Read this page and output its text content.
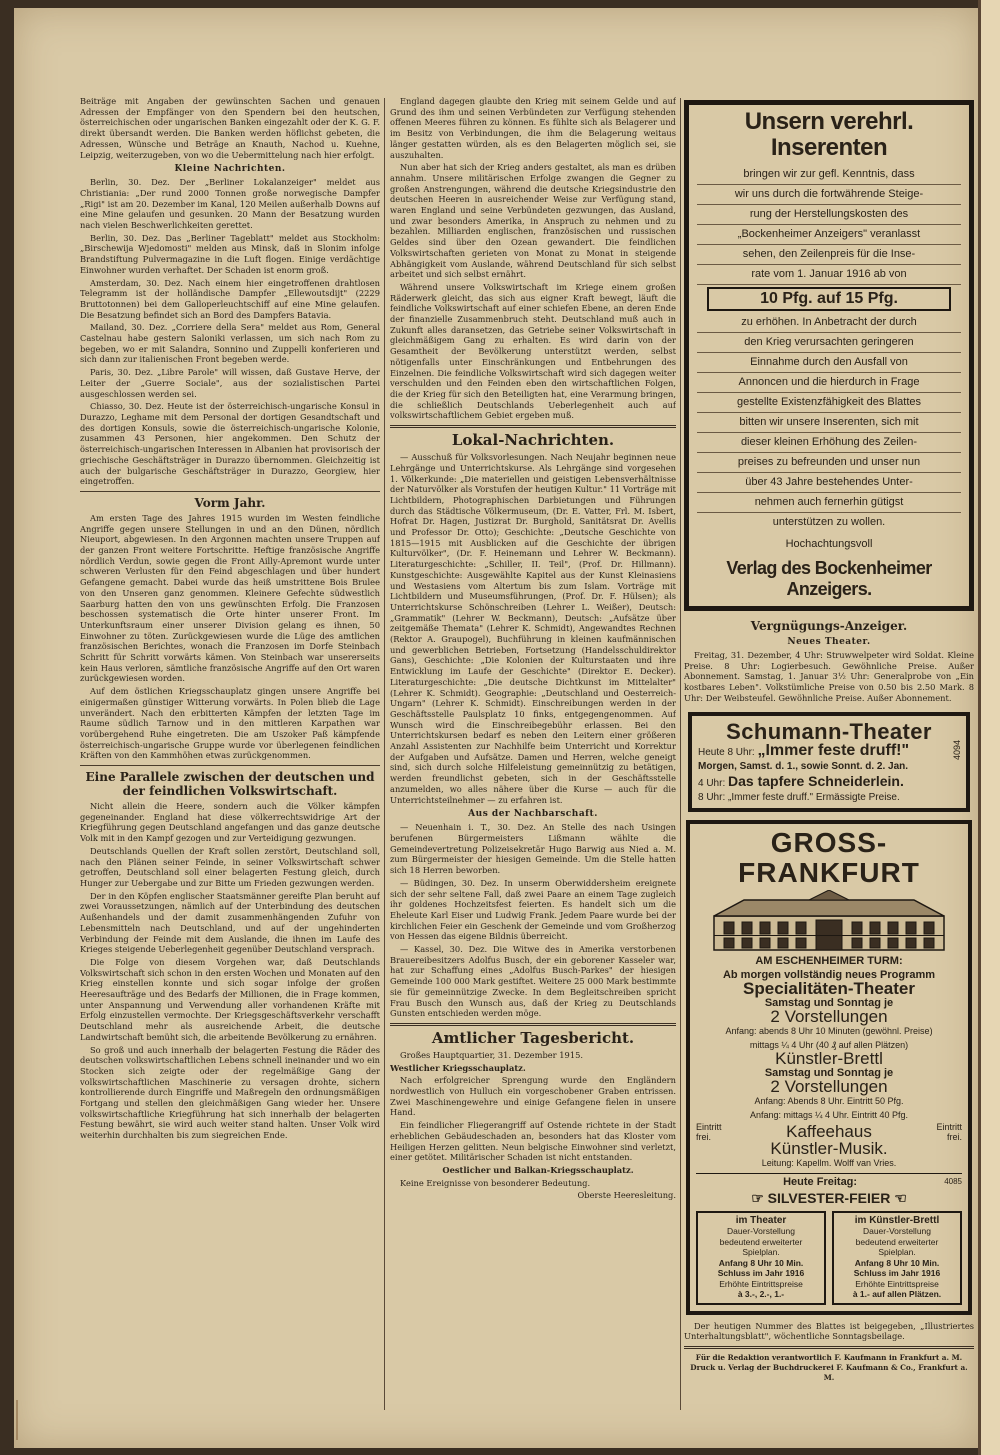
Beiträge mit Angaben der gewünschten Sachen und genauen Adressen der Empfänger von den Spendern bei den heutschen, österreichischen oder ungarischen Banken eingezahlt oder der K. G. F. direkt übersandt werden. Die Banken werden höflichst gebeten, die Adressen, Wünsche und Beträge an Knauth, Nachod u. Kuehne, Leipzig, weiterzugeben, von wo die Uebermittelung nach hier erfolgt.

Kleine Nachrichten.

Berlin, 30. Dez. Der „Berliner Lokalanzeiger" meldet aus Christiania: „Der rund 2000 Tonnen große norwegische Dampfer „Rigi" ist am 20. Dezember im Kanal, 120 Meilen außerhalb Downs auf eine Mine gelaufen und gesunken. 20 Mann der Besatzung wurden nach vielen Beschwerlichkeiten gerettet.

Berlin, 30. Dez. Das „Berliner Tageblatt" meldet aus Stockholm: „Birschewija Wjedomosti" melden aus Minsk, daß in Slonim infolge Brandstiftung Pulvermagazine in die Luft flogen. Einige verdächtige Einwohner wurden verhaftet. Der Schaden ist enorm groß.

Amsterdam, 30. Dez. Nach einem hier eingetroffenen drahtlosen Telegramm ist der holländische Dampfer „Ellewoutsdijt" (2229 Bruttotonnen) bei dem Galloperleuchtschiff auf eine Mine gelaufen. Die Besatzung befindet sich an Bord des Dampfers Batavia.

Mailand, 30. Dez. „Corriere della Sera" meldet aus Rom, General Castelnau habe gestern Saloniki verlassen, um sich nach Rom zu begeben, wo er mit Salandra, Sonnino und Zuppelli konferieren und sich dann zur italienischen Front begeben werde.

Paris, 30. Dez. „Libre Parole" will wissen, daß Gustave Herve, der Leiter der „Guerre Sociale", aus der sozialistischen Partei ausgeschlossen werden sei.

Chiasso, 30. Dez. Heute ist der österreichisch-ungarische Konsul in Durazzo, Leghame mit dem Personal der dortigen Gesandtschaft und des dortigen Konsuls, sowie die österreichisch-ungarische Kolonie, zusammen 43 Personen, hier angekommen. Den Schutz der österreichisch-ungarischen Interessen in Albanien hat provisorisch der griechische Geschäftsträger in Durazzo übernommen. Gleichzeitig ist auch der bulgarische Geschäftsträger in Durazzo, Georgiew, hier eingetroffen.

Vorm Jahr.

Am ersten Tage des Jahres 1915 wurden im Westen feindliche Angriffe gegen unsere Stellungen in und an den Dünen, nördlich Nieuport, abgewiesen. In den Argonnen machten unsere Truppen auf der ganzen Front weitere Fortschritte. Heftige französische Angriffe nördlich Verdun, sowie gegen die Front Ailly-Apremont wurde unter schweren Verlusten für den Feind abgeschlagen und über hundert Gefangene gemacht. Dabei wurde das heiß umstrittene Bois Brulee von den Unseren ganz genommen. Kleinere Gefechte südwestlich Saarburg hatten den von uns gewünschten Erfolg. Die Franzosen beschossen systematisch die Orte hinter unserer Front. Im Unterkunftsraum einer unserer Division gelang es ihnen, 50 Einwohner zu töten. Zurückgewiesen wurde die Lüge des amtlichen französischen Berichtes, wonach die Franzosen im Dorfe Steinbach Schritt für Schritt vorwärts kämen. Von Steinbach war unsererseits kein Haus verloren, sämtliche französische Angriffe auf den Ort waren zurückgewiesen worden.

Auf dem östlichen Kriegsschauplatz gingen unsere Angriffe bei einigermaßen günstiger Witterung vorwärts. In Polen blieb die Lage unverändert. Nach den erbitterten Kämpfen der letzten Tage im Raume südlich Tarnow und in den mittleren Karpathen war vorübergehend Ruhe eingetreten. Die am Uszoker Paß kämpfende österreichisch-ungarische Gruppe wurde vor überlegenen feindlichen Kräften von den Kammhöhen etwas zurückgenommen.

Eine Parallele zwischen der deutschen und der feindlichen Volkswirtschaft.

Nicht allein die Heere, sondern auch die Völker kämpfen gegeneinander. England hat diese völkerrechtswidrige Art der Kriegführung gegen Deutschland angefangen und das ganze deutsche Volk mit in den Kampf gezogen und zur Verteidigung gezwungen.

Deutschlands Quellen der Kraft sollen zerstört, Deutschland soll, nach den Plänen seiner Feinde, in seiner Volkswirtschaft schwer getroffen, Deutschland soll einer belagerten Festung gleich, durch Hunger zur Uebergabe und zur Bitte um Frieden gezwungen werden.

Der in den Köpfen englischer Staatsmänner gereifte Plan beruht auf zwei Voraussetzungen, nämlich auf der Unterbindung des deutschen Außenhandels und der damit zusammenhängenden Zufuhr von Lebensmitteln nach Deutschland, und auf der ungehinderten Verbindung der Feinde mit dem Auslande, die ihnen im Laufe des Krieges steigende Ueberlegenheit gegenüber Deutschland versprach.

Die Folge von diesem Vorgehen war, daß Deutschlands Volkswirtschaft sich schon in den ersten Wochen und Monaten auf den Krieg einstellen konnte und sich sogar infolge der großen Heeresaufträge und des Bedarfs der Millionen, die in Frage kommen, unter Anspannung und Verwendung aller vorhandenen Kräfte mit Erfolg einzustellen vermochte. Der Kriegsgeschäftsverkehr verschafft Deutschland mehr als ausreichende Arbeit, die deutsche Landwirtschaft bemüht sich, die arbeitende Bevölkerung zu ernähren.

So groß und auch innerhalb der belagerten Festung die Räder des deutschen volkswirtschaftlichen Lebens schnell ineinander und wo ein Stocken sich zeigte oder der regelmäßige Gang der volkswirtschaftlichen Maschinerie zu versagen drohte, sichern kontrollierende durch Eingriffe und Maßregeln den ordnungsmäßigen Fortgang und stellen den gleichmäßigen Gang wieder her. Unsere volkswirtschaftliche Kriegführung hat sich innerhalb der belagerten Festung bewährt, sie wird auch weiter stand halten. Unser Volk wird weiterhin durchhalten bis zum siegreichen Ende.

England dagegen glaubte den Krieg mit seinem Gelde und auf Grund des ihm und seinen Verbündeten zur Verfügung stehenden offenen Meeres führen zu können. Es fühlte sich als Belagerer und im Besitz von Verbindungen, die ihm die Belagerung weitaus länger gestatten würden, als es den Belagerten möglich sei, sie auszuhalten.

Nun aber hat sich der Krieg anders gestaltet, als man es drüben annahm. Unsere militärischen Erfolge zwangen die Gegner zu großen Anstrengungen, während die deutsche Kriegsindustrie den deutschen Heeren in ausreichender Weise zur Verfügung stand, waren England und seine Verbündeten gezwungen, das Ausland, und zwar besonders Amerika, in Anspruch zu nehmen und zu bezahlen. Milliarden englischen, französischen und russischen Geldes sind über den Ozean gewandert. Die feindlichen Volkswirtschaften gerieten von Monat zu Monat in steigende Abhängigkeit vom Auslande, während Deutschland für sich selbst arbeitet und sich selbst ernährt.

Während unsere Volkswirtschaft im Kriege einem großen Räderwerk gleicht, das sich aus eigner Kraft bewegt, läuft die feindliche Volkswirtschaft auf einer schiefen Ebene, an deren Ende der finanzielle Zusammenbruch steht. Deutschland muß auch in Zukunft alles daransetzen, das Getriebe seiner Volkswirtschaft in gleichmäßigem Gang zu erhalten. Es wird darin von der Gesamtheit der Bevölkerung unterstützt werden, selbst nötigenfalls unter Einschränkungen und Entbehrungen des Einzelnen. Die feindliche Volkswirtschaft wird sich dagegen weiter verschulden und den Feinden eben den wirtschaftlichen Folgen, die der Krieg für sich den Beteiligten hat, eine Verarmung bringen, die schließlich Deutschlands Ueberlegenheit auch auf volkswirtschaftlichem Gebiet ergeben muß.

Lokal-Nachrichten.

— Ausschuß für Volksvorlesungen. Nach Neujahr beginnen neue Lehrgänge und Unterrichtskurse. Als Lehrgänge sind vorgesehen 1. Völkerkunde: „Die materiellen und geistigen Lebensverhältnisse der Naturvölker als Vorstufen der heutigen Kultur." 11 Vorträge mit Lichtbildern, Photographischen Darbietungen und Führungen durch das Städtische Völkermuseum, (Dr. E. Vatter, Frl. M. Isbert, Hofrat Dr. Hagen, Justizrat Dr. Burghold, Sanitätsrat Dr. Avellis und Professor Dr. Otto); Geschichte: „Deutsche Geschichte von 1815—1915 mit Ausblicken auf die Geschichte der übrigen Kulturvölker", (Dr. F. Heinemann und Lehrer W. Beckmann). Literaturgeschichte: „Schiller, II. Teil", (Prof. Dr. Hillmann). Kunstgeschichte: Ausgewählte Kapitel aus der Kunst Kleinasiens und Westasiens vom Altertum bis zum Islam. Vorträge mit Lichtbildern und Museumsführungen, (Prof. Dr. F. Hülsen); als Unterrichtskurse Schönschreiben (Lehrer L. Weißer), Deutsch: „Grammatik" (Lehrer W. Beckmann), Deutsch: „Aufsätze über zeitgemäße Themata" (Lehrer K. Schmidt), Angewandtes Rechnen (Rektor A. Graupogel), Buchführung in kleinen kaufmännischen und gewerblichen Betrieben, Fortsetzung (Handelsschuldirektor Gans), Geschichte: „Die Kolonien der Kulturstaaten und ihre Entwicklung im Laufe der Geschichte" (Direktor E. Decker). Literaturgeschichte: „Die deutsche Dichtkunst im Mittelalter" (Lehrer K. Schmidt). Geographie: „Deutschland und Oesterreich-Ungarn" (Lehrer K. Schmidt). Einschreibungen werden in der Geschäftsstelle Paulsplatz 10 finks, entgegengenommen. Auf Wunsch wird die Einschreibegebühr erlassen. Bei den Unterrichtskursen bedarf es neben den Leitern einer größeren Anzahl Assistenten zur Nachhilfe beim Unterricht und Korrektur der Aufgaben und Aufsätze. Damen und Herren, welche geneigt sind, sich durch solche Hilfeleistung gemeinnützig zu betätigen, werden freundlichst gebeten, sich in der Geschäftsstelle anzumelden, wo alles nähere über die Kurse — auch für die Unterrichtsteilnehmer — zu erfahren ist.

Aus der Nachbarschaft.

— Neuenhain i. T., 30. Dez. An Stelle des nach Usingen berufenen Bürgermeisters Lißmann wählte die Gemeindevertretung Polizeisekretär Hugo Barwig aus Nied a. M. zum Bürgermeister der hiesigen Gemeinde. Um die Stelle hatten sich 18 Herren beworben.

— Büdingen, 30. Dez. In unserm Oberwiddersheim ereignete sich der sehr seltene Fall, daß zwei Paare an einem Tage zugleich ihr goldenes Hochzeitsfest feierten. Es handelt sich um die Eheleute Karl Eiser und Ludwig Frank. Jedem Paare wurde bei der kirchlichen Feier ein Geschenk der Gemeinde und vom Großherzog von Hessen das eigene Bildnis überreicht.

— Kassel, 30. Dez. Die Witwe des in Amerika verstorbenen Brauereibesitzers Adolfus Busch, der ein geborener Kasseler war, hat zur Schaffung eines „Adolfus Busch-Parkes" der hiesigen Gemeinde 100 000 Mark gestiftet. Weitere 25 000 Mark bestimmte sie für gemeinnützige Zwecke. In dem Begleitschreiben spricht Frau Busch den Wunsch aus, daß der Krieg zu Deutschlands Gunsten entschieden werden möge.

Amtlicher Tagesbericht.

Großes Hauptquartier, 31. Dezember 1915.

Westlicher Kriegsschauplatz.

Nach erfolgreicher Sprengung wurde den Engländern nordwestlich von Hulluch ein vorgeschobener Graben entrissen. Zwei Maschinengewehre und einige Gefangene fielen in unsere Hand.

Ein feindlicher Fliegerangriff auf Ostende richtete in der Stadt erheblichen Gebäudeschaden an, besonders hat das Kloster vom Heiligen Herzen gelitten. Neun belgische Einwohner sind verletzt, einer getötet. Militärischer Schaden ist nicht entstanden.

Oestlicher und Balkan-Kriegsschauplatz.

Keine Ereignisse von besonderer Bedeutung.

Oberste Heeresleitung.

Unsern verehrl. Inserenten
bringen wir zur gefl. Kenntnis, dass
wir uns durch die fortwährende Steige-
rung der Herstellungskosten des
„Bockenheimer Anzeigers" veranlasst
sehen, den Zeilenpreis für die Inse-
rate vom 1. Januar 1916 ab von
10 Pfg. auf 15 Pfg.
zu erhöhen. In Anbetracht der durch
den Krieg verursachten geringeren
Einnahme durch den Ausfall von
Annoncen und die hierdurch in Frage
gestellte Existenzfähigkeit des Blattes
bitten wir unsere Inserenten, sich mit
dieser kleinen Erhöhung des Zeilen-
preises zu befreunden und unser nun
über 43 Jahre bestehendes Unter-
nehmen auch fernerhin gütigst
unterstützen zu wollen.
Hochachtungsvoll
Verlag des Bockenheimer Anzeigers.
Vergnügungs-Anzeiger.
Neues Theater.

Freitag, 31. Dezember, 4 Uhr: Struwwelpeter wird Soldat. Kleine Preise. 8 Uhr: Logierbesuch. Gewöhnliche Preise. Außer Abonnement. Samstag, 1. Januar 3½ Uhr: Generalprobe von „Ein kostbares Leben". Volkstümliche Preise von 0.50 bis 2.50 Mark. 8 Uhr: Der Weibsteufel. Gewöhnliche Preise. Außer Abonnement.

Schumann-Theater
Heute 8 Uhr: „Immer feste druff!"
Morgen, Samst. d. 1., sowie Sonnt. d. 2. Jan.
4 Uhr: Das tapfere Schneiderlein.
8 Uhr: „Immer feste druff." Ermässigte Preise.
4094
GROSS-FRANKFURT
AM ESCHENHEIMER TURM:
Ab morgen vollständig neues Programm
Specialitäten-Theater
Samstag und Sonntag je
2 Vorstellungen
Anfang: abends 8 Uhr 10 Minuten (gewöhnl. Preise)
mittags ¼ 4 Uhr (40 ₰ auf allen Plätzen)
Künstler-Brettl
Samstag und Sonntag je
2 Vorstellungen
Anfang: Abends 8 Uhr. Eintritt 50 Pfg.
Anfang: mittags ¼ 4 Uhr. Eintritt 40 Pfg.
Eintritt frei.	Kaffeehaus	Eintritt frei.
Künstler-Musik.
Leitung: Kapellm. Wolff van Vries.
Heute Freitag:	4085
☞ SILVESTER-FEIER ☜
im Theater
Dauer-Vorstellung
bedeutend erweiterter
Spielplan.
Anfang 8 Uhr 10 Min.
Schluss im Jahr 1916
Erhöhte Eintrittspreise
à 3.-, 2.-, 1.-
im Künstler-Brettl
Dauer-Vorstellung
bedeutend erweiterter
Spielplan.
Anfang 8 Uhr 10 Min.
Schluss im Jahr 1916
Erhöhte Eintrittspreise
à 1.- auf allen Plätzen.

Der heutigen Nummer des Blattes ist beigegeben, „Illustriertes Unterhaltungsblatt", wöchentliche Sonntagsbeilage.

Für die Redaktion verantwortlich F. Kaufmann in Frankfurt a. M. Druck u. Verlag der Buchdruckerei F. Kaufmann & Co., Frankfurt a. M.
